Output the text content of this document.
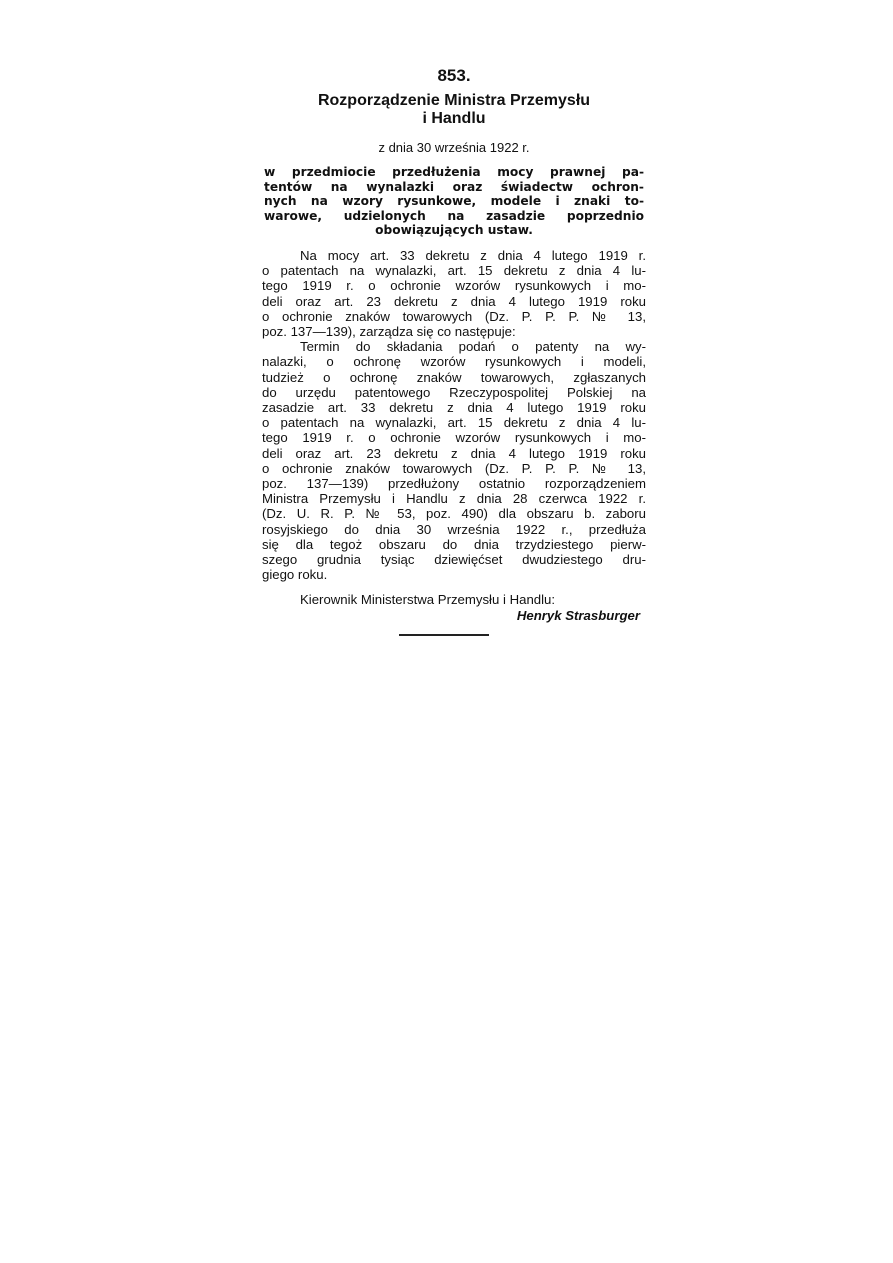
853.
Rozporządzenie Ministra Przemysłu
i Handlu
z dnia 30 września 1922 r.
w przedmiocie przedłużenia mocy prawnej pa-
tentów na wynalazki oraz świadectw ochron-
nych na wzory rysunkowe, modele i znaki to-
warowe, udzielonych na zasadzie poprzednio
obowiązujących ustaw.
Na mocy art. 33 dekretu z dnia 4 lutego 1919 r.
o patentach na wynalazki, art. 15 dekretu z dnia 4 lu-
tego 1919 r. o ochronie wzorów rysunkowych i mo-
deli oraz art. 23 dekretu z dnia 4 lutego 1919 roku
o ochronie znaków towarowych (Dz. P. P. P. № 13,
poz. 137—139), zarządza się co następuje:
Termin do składania podań o patenty na wy-
nalazki, o ochronę wzorów rysunkowych i modeli,
tudzież o ochronę znaków towarowych, zgłaszanych
do urzędu patentowego Rzeczypospolitej Polskiej na
zasadzie art. 33 dekretu z dnia 4 lutego 1919 roku
o patentach na wynalazki, art. 15 dekretu z dnia 4 lu-
tego 1919 r. o ochronie wzorów rysunkowych i mo-
deli oraz art. 23 dekretu z dnia 4 lutego 1919 roku
o ochronie znaków towarowych (Dz. P. P. P. № 13,
poz. 137—139) przedłużony ostatnio rozporządzeniem
Ministra Przemysłu i Handlu z dnia 28 czerwca 1922 r.
(Dz. U. R. P. № 53, poz. 490) dla obszaru b. zaboru
rosyjskiego do dnia 30 września 1922 r., przedłuża
się dla tegoż obszaru do dnia trzydziestego pierw-
szego grudnia tysiąc dziewięćset dwudziestego dru-
giego roku.
Kierownik Ministerstwa Przemysłu i Handlu:
Henryk Strasburger
